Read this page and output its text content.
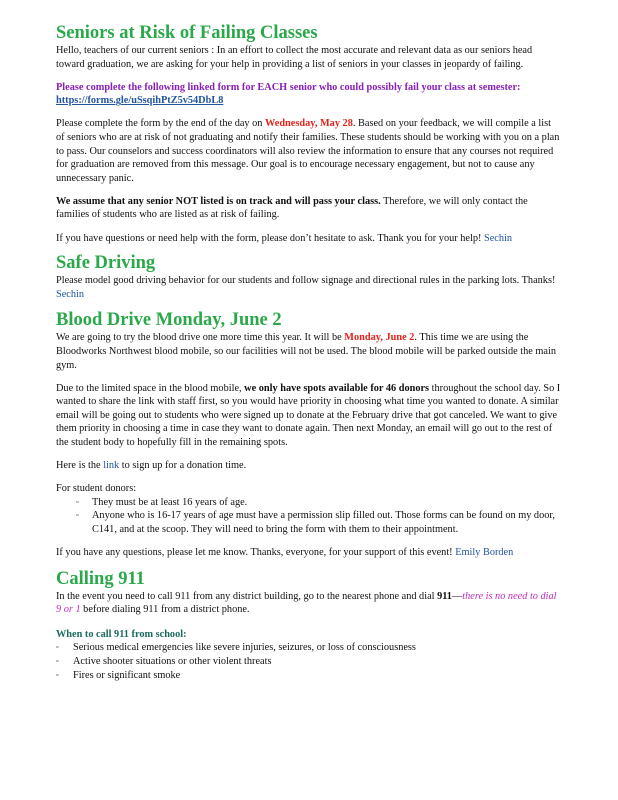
Seniors at Risk of Failing Classes

Hello, teachers of our current seniors : In an effort to collect the most accurate and relevant data as our seniors head toward graduation, we are asking for your help in providing a list of seniors in your classes in jeopardy of failing.

Please complete the following linked form for EACH senior who could possibly fail your class at semester: https://forms.gle/uSsqihPtZ5v54DbL8

Please complete the form by the end of the day on Wednesday, May 28. Based on your feedback, we will compile a list of seniors who are at risk of not graduating and notify their families. These students should be working with you on a plan to pass. Our counselors and success coordinators will also review the information to ensure that any courses not required for graduation are removed from this message. Our goal is to encourage necessary engagement, but not to cause any unnecessary panic.

We assume that any senior NOT listed is on track and will pass your class. Therefore, we will only contact the families of students who are listed as at risk of failing.

If you have questions or need help with the form, please don’t hesitate to ask. Thank you for your help! Sechin

Safe Driving

Please model good driving behavior for our students and follow signage and directional rules in the parking lots. Thanks! Sechin

Blood Drive Monday, June 2

We are going to try the blood drive one more time this year. It will be Monday, June 2. This time we are using the Bloodworks Northwest blood mobile, so our facilities will not be used. The blood mobile will be parked outside the main gym.

Due to the limited space in the blood mobile, we only have spots available for 46 donors throughout the school day. So I wanted to share the link with staff first, so you would have priority in choosing what time you wanted to donate. A similar email will be going out to students who were signed up to donate at the February drive that got canceled. We want to give them priority in choosing a time in case they want to donate again. Then next Monday, an email will go out to the rest of the student body to hopefully fill in the remaining spots.

Here is the link to sign up for a donation time.

For student donors:

▫ They must be at least 16 years of age.
▫ Anyone who is 16-17 years of age must have a permission slip filled out. Those forms can be found on my door, C141, and at the scoop. They will need to bring the form with them to their appointment.

If you have any questions, please let me know. Thanks, everyone, for your support of this event! Emily Borden

Calling 911

In the event you need to call 911 from any district building, go to the nearest phone and dial 911—there is no need to dial 9 or 1 before dialing 911 from a district phone.

When to call 911 from school:
▫ Serious medical emergencies like severe injuries, seizures, or loss of consciousness
▫ Active shooter situations or other violent threats
▫ Fires or significant smoke
